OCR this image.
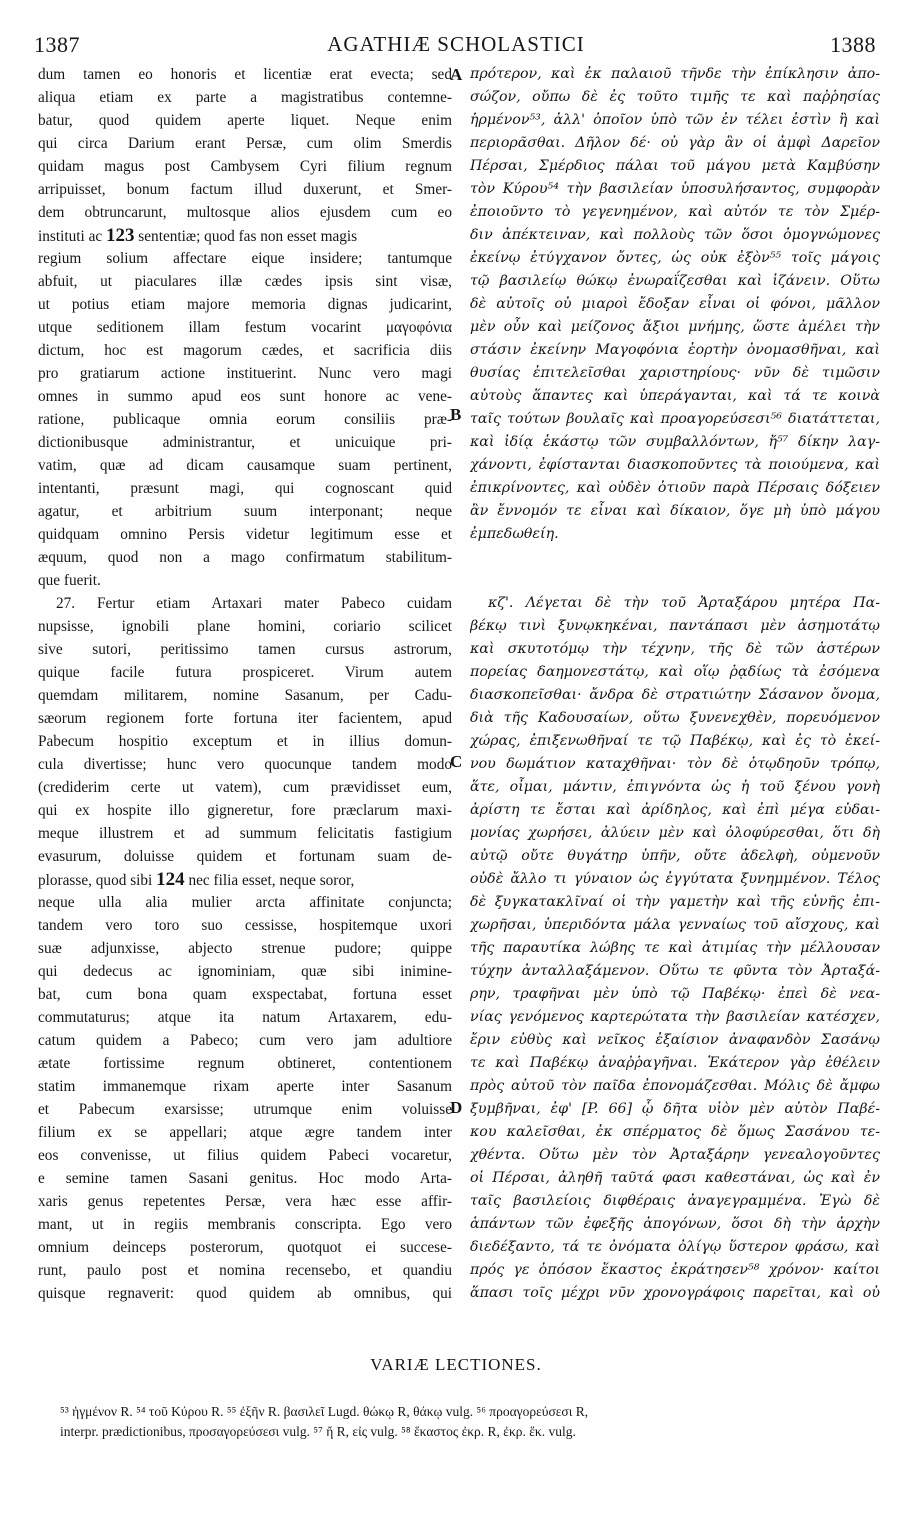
1387	AGATHIÆ SCHOLASTICI	1388
dum tamen eo honoris et licentiæ erat evecta; sed
aliqua etiam ex parte a magistratibus contemne-
batur, quod quidem aperte liquet. Neque enim
qui circa Darium erant Persæ, cum olim Smerdis
quidam magus post Cambysem Cyri filium regnum
arripuisset, bonum factum illud duxerunt, et Smer-
dem obtruncarunt, multosque alios ejusdem cum eo
instituti ac 123 sententiæ; quod fas non esset magis
regium solium affectare eique insidere; tantumque
abfuit, ut piaculares illæ cædes ipsis sint visæ,
ut potius etiam majore memoria dignas judicarint,
utque seditionem illam festum vocarint μαγοφόνια
dictum, hoc est magorum cædes, et sacrificia diis
pro gratiarum actione instituerint. Nunc vero magi
omnes in summo apud eos sunt honore ac vene-
ratione, publicaque omnia eorum consiliis præ-
dictionibusque administrantur, et unicuique pri-
vatim, quæ ad dicam causamque suam pertinent,
intentanti, præsunt magi, qui cognoscant quid
agatur, et arbitrium suum interponant; neque
quidquam omnino Persis videtur legitimum esse et
æquum, quod non a mago confirmatum stabilitum-
que fuerit.
27. Fertur etiam Artaxari mater Pabeco cuidam
nupsisse, ignobili plane homini, coriario scilicet
sive sutori, peritissimo tamen cursus astrorum,
quique facile futura prospiceret. Virum autem
quemdam militarem, nomine Sasanum, per Cadu-
sæorum regionem forte fortuna iter facientem, apud
Pabecum hospitio exceptum et in illius domun-
cula divertisse; hunc vero quocunque tandem modo
(crediderim certe ut vatem), cum prævidisset eum,
qui ex hospite illo gigneretur, fore præclarum maxi-
meque illustrem et ad summum felicitatis fastigium
evasurum, doluisse quidem et fortunam suam de-
plorasse, quod sibi 124 nec filia esset, neque soror,
neque ulla alia mulier arcta affinitate conjuncta;
tandem vero toro suo cessisse, hospitemque uxori
suæ adjunxisse, abjecto strenue pudore; quippe
qui dedecus ac ignominiam, quæ sibi inimine-
bat, cum bona quam exspectabat, fortuna esset
commutaturus; atque ita natum Artaxarem, edu-
catum quidem a Pabeco; cum vero jam adultiore
ætate fortissime regnum obtineret, contentionem
statim immanemque rixam aperte inter Sasanum
et Pabecum exarsisse; utrumque enim voluisse
filium ex se appellari; atque ægre tandem inter
eos convenisse, ut filius quidem Pabeci vocaretur,
e semine tamen Sasani genitus. Hoc modo Arta-
xaris genus repetentes Persæ, vera hæc esse affir-
mant, ut in regiis membranis conscripta. Ego vero
omnium deinceps posterorum, quotquot ei succese-
runt, paulo post et nomina recensebo, et quandiu
quisque regnaverit: quod quidem ab omnibus, qui
πρότερον, καὶ ἐκ παλαιοῦ τῆνδε τὴν ἐπίκλησιν ἀπο-
σώζον, οὔπω δὲ ἐς τοῦτο τιμῆς τε καὶ παῤῥησίας
ἡρμένον⁵³, ἀλλ' ὁποῖον ὑπὸ τῶν ἐν τέλει ἐστὶν ἢ καὶ
περιορᾶσθαι. Δῆλον δέ· οὐ γὰρ ἂν οἱ ἀμφὶ Δαρεῖον
Πέρσαι, Σμέρδιος πάλαι τοῦ μάγου μετὰ Καμβύσην
τὸν Κύρου⁵⁴ τὴν βασιλείαν ὑποσυλήσαντος, συμφορὰν
ἐποιοῦντο τὸ γεγενημένον, καὶ αὐτόν τε τὸν Σμέρ-
διν ἀπέκτειναν, καὶ πολλοὺς τῶν ὅσοι ὁμογνώμονες
ἐκείνῳ ἐτύγχανον ὄντες, ὡς οὐκ ἐξὸν⁵⁵ τοῖς μάγοις
τῷ βασιλείῳ θώκῳ ἐνωραΐζεσθαι καὶ ἱζάνειν. Οὕτω
δὲ αὐτοῖς οὐ μιαροὶ ἔδοξαν εἶναι οἱ φόνοι, μᾶλλον
μὲν οὖν καὶ μείζονος ἄξιοι μνήμης, ὥστε ἀμέλει τὴν
στάσιν ἐκείνην Μαγοφόνια ἑορτὴν ὀνομασθῆναι, καὶ
θυσίας ἐπιτελεῖσθαι χαριστηρίους· νῦν δὲ τιμῶσιν
αὐτοὺς ἅπαντες καὶ ὑπεράγανται, καὶ τά τε κοινὰ
ταῖς τούτων βουλαῖς καὶ προαγορεύσεσι⁵⁶ διατάττεται,
καὶ ἰδίᾳ ἑκάστῳ τῶν συμβαλλόντων, ἤ⁵⁷ δίκην λαγ-
χάνοντι, ἐφίστανται διασκοποῦντες τὰ ποιούμενα, καὶ
ἐπικρίνοντες, καὶ οὐδὲν ὁτιοῦν παρὰ Πέρσαις δόξειεν
ἂν ἔννομόν τε εἶναι καὶ δίκαιον, ὅγε μὴ ὑπὸ μάγου
ἐμπεδωθείη.
κζ'. Λέγεται δὲ τὴν τοῦ Ἀρταξάρου μητέρα Πα-
βέκῳ τινὶ ξυνῳκηκέναι, παντάπασι μὲν ἀσημοτάτῳ
καὶ σκυτοτόμῳ τὴν τέχνην, τῆς δὲ τῶν ἀστέρων
πορείας δαημονεστάτῳ, καὶ οἵῳ ῥᾳδίως τὰ ἐσόμενα
διασκοπεῖσθαι· ἄνδρα δὲ στρατιώτην Σάσανον ὄνομα,
διὰ τῆς Καδουσαίων, οὕτω ξυνενεχθὲν, πορευόμενον
χώρας, ἐπιξενωθῆναί τε τῷ Παβέκῳ, καὶ ἐς τὸ ἐκεί-
νου δωμάτιον καταχθῆναι· τὸν δὲ ὁτῳδηοῦν τρόπῳ,
ἅτε, οἶμαι, μάντιν, ἐπιγνόντα ὡς ἡ τοῦ ξένου γονὴ
ἀρίστη τε ἔσται καὶ ἀρίδηλος, καὶ ἐπὶ μέγα εὐδαι-
μονίας χωρήσει, ἀλύειν μὲν καὶ ὀλοφύρεσθαι, ὅτι δὴ
αὐτῷ οὔτε θυγάτηρ ὑπῆν, οὔτε ἀδελφὴ, οὐμενοῦν
οὐδὲ ἄλλο τι γύναιον ὡς ἐγγύτατα ξυνημμένον. Τέλος
δὲ ξυγκατακλῖναί οἱ τὴν γαμετὴν καὶ τῆς εὐνῆς ἐπι-
χωρῆσαι, ὑπεριδόντα μάλα γενναίως τοῦ αἴσχους, καὶ
τῆς παραυτίκα λώβης τε καὶ ἀτιμίας τὴν μέλλουσαν
τύχην ἀνταλλαξάμενον. Οὕτω τε φῦντα τὸν Ἀρταξά-
ρην, τραφῆναι μὲν ὑπὸ τῷ Παβέκῳ· ἐπεὶ δὲ νεα-
νίας γενόμενος καρτερώτατα τὴν βασιλείαν κατέσχεν,
ἔριν εὐθὺς καὶ νεῖκος ἐξαίσιον ἀναφανδὸν Σασάνῳ
τε καὶ Παβέκῳ ἀναῤῥαγῆναι. Ἑκάτερον γὰρ ἐθέλειν
πρὸς αὑτοῦ τὸν παῖδα ἐπονομάζεσθαι. Μόλις δὲ ἄμφω
ξυμβῆναι, ἐφ' [P. 66] ᾧ δῆτα υἱὸν μὲν αὐτὸν Παβέ-
κου καλεῖσθαι, ἐκ σπέρματος δὲ ὅμως Σασάνου τε-
χθέντα. Οὕτω μὲν τὸν Ἀρταξάρην γενεαλογοῦντες
οἱ Πέρσαι, ἀληθῆ ταῦτά φασι καθεστάναι, ὡς καὶ ἐν
ταῖς βασιλείοις διφθέραις ἀναγεγραμμένα. Ἐγὼ δὲ
ἁπάντων τῶν ἐφεξῆς ἀπογόνων, ὅσοι δὴ τὴν ἀρχὴν
διεδέξαντο, τά τε ὀνόματα ὀλίγῳ ὕστερον φράσω, καὶ
πρός γε ὁπόσον ἕκαστος ἐκράτησεν⁵⁸ χρόνον· καίτοι
ἅπασι τοῖς μέχρι νῦν χρονογράφοις παρεῖται, καὶ οὐ
A
B
C
D
VARIÆ LECTIONES.
⁵³ ἡγμένον R. ⁵⁴ τοῦ Κύρου R. ⁵⁵ ἐξῆν R. βασιλεῖ Lugd. θώκῳ R, θάκῳ vulg. ⁵⁶ προαγορεύσεσι R,
interpr. prædictionibus, προσαγορεύσεσι vulg. ⁵⁷ ἤ R, εἰς vulg. ⁵⁸ ἕκαστος ἐκρ. R, ἐκρ. ἕκ. vulg.
